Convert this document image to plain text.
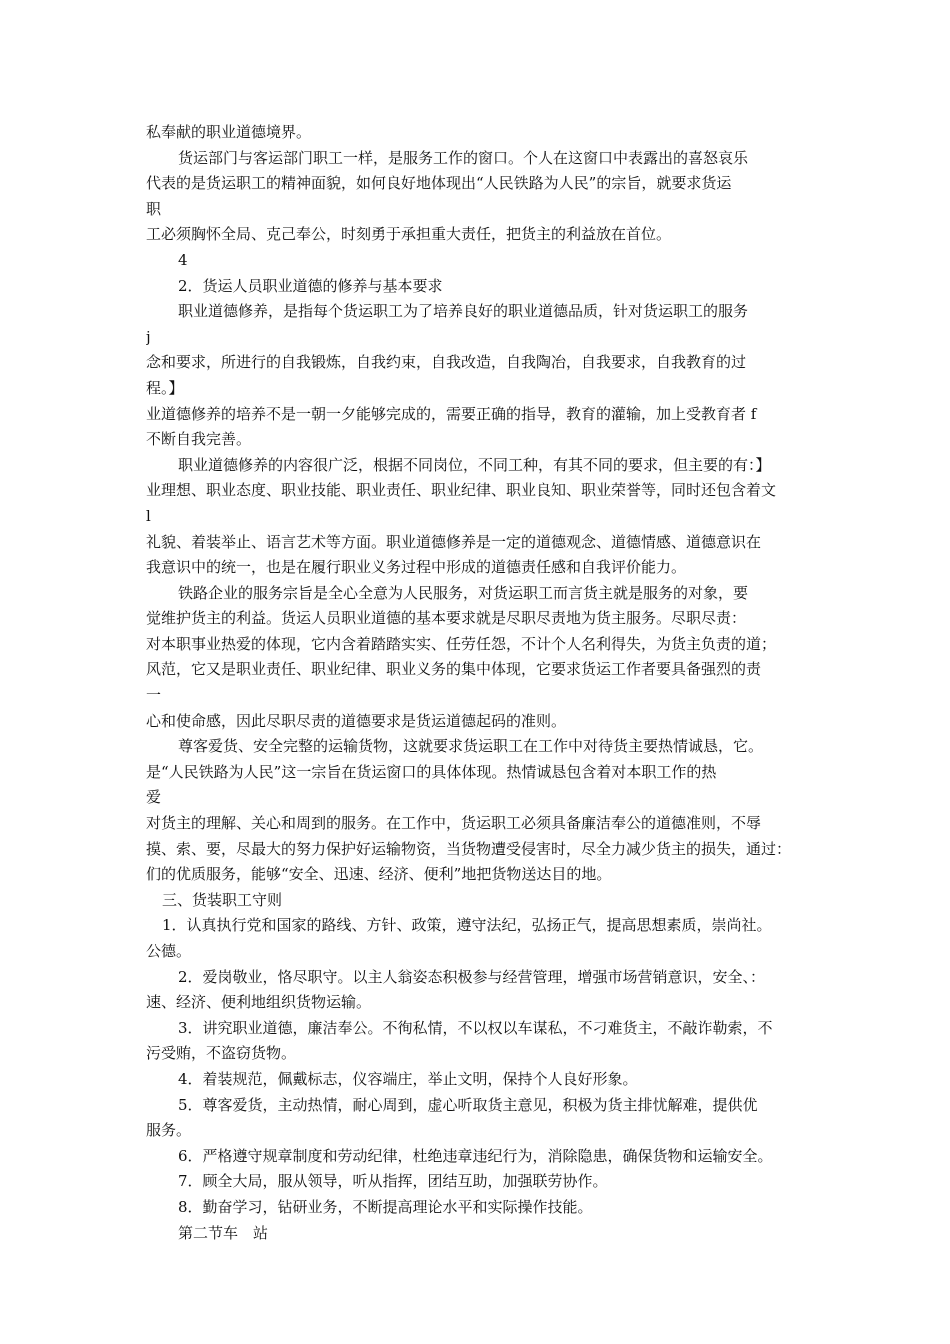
私奉献的职业道德境界。
货运部门与客运部门职工一样，是服务工作的窗口。个人在这窗口中表露出的喜怒哀乐
代表的是货运职工的精神面貌，如何良好地体现出“人民铁路为人民”的宗旨，就要求货运
职
工必须胸怀全局、克己奉公，时刻勇于承担重大责任，把货主的利益放在首位。
4
2．货运人员职业道德的修养与基本要求
职业道德修养，是指每个货运职工为了培养良好的职业道德品质，针对货运职工的服务
j
念和要求，所进行的自我锻炼，自我约束，自我改造，自我陶冶，自我要求，自我教育的过
程。】
业道德修养的培养不是一朝一夕能够完成的，需要正确的指导，教育的灌输，加上受教育者 f
不断自我完善。
职业道德修养的内容很广泛，根据不同岗位，不同工种，有其不同的要求，但主要的有：】
业理想、职业态度、职业技能、职业责任、职业纪律、职业良知、职业荣誉等，同时还包含着文
l
礼貌、着装举止、语言艺术等方面。职业道德修养是一定的道德观念、道德情感、道德意识在
我意识中的统一，也是在履行职业义务过程中形成的道德责任感和自我评价能力。
铁路企业的服务宗旨是全心全意为人民服务，对货运职工而言货主就是服务的对象，要
觉维护货主的利益。货运人员职业道德的基本要求就是尽职尽责地为货主服务。尽职尽责：
对本职事业热爱的体现，它内含着踏踏实实、任劳任怨，不计个人名利得失，为货主负责的道；
风范，它又是职业责任、职业纪律、职业义务的集中体现，它要求货运工作者要具备强烈的责
一
心和使命感，因此尽职尽责的道德要求是货运道德起码的准则。
尊客爱货、安全完整的运输货物，这就要求货运职工在工作中对待货主要热情诚恳，它。
是“人民铁路为人民”这一宗旨在货运窗口的具体体现。热情诚恳包含着对本职工作的热
爱
对货主的理解、关心和周到的服务。在工作中，货运职工必须具备廉洁奉公的道德准则，不辱
摸、索、要，尽最大的努力保护好运输物资，当货物遭受侵害时，尽全力减少货主的损失，通过：
们的优质服务，能够“安全、迅速、经济、便利”地把货物送达目的地。
三、货装职工守则
1．认真执行党和国家的路线、方针、政策，遵守法纪，弘扬正气，提高思想素质，崇尚社。
公德。
2．爱岗敬业，恪尽职守。以主人翁姿态积极参与经营管理，增强市场营销意识，安全、：
速、经济、便利地组织货物运输。
3．讲究职业道德，廉洁奉公。不徇私情，不以权以车谋私，不刁难货主，不敲诈勒索，不
污受贿，不盗窃货物。
4．着装规范，佩戴标志，仪容端庄，举止文明，保持个人良好形象。
5．尊客爱货，主动热情，耐心周到，虚心听取货主意见，积极为货主排忧解难，提供优
服务。
6．严格遵守规章制度和劳动纪律，杜绝违章违纪行为，消除隐患，确保货物和运输安全。
7．顾全大局，服从领导，听从指挥，团结互助，加强联劳协作。
8．勤奋学习，钻研业务，不断提高理论水平和实际操作技能。
第二节车　站
